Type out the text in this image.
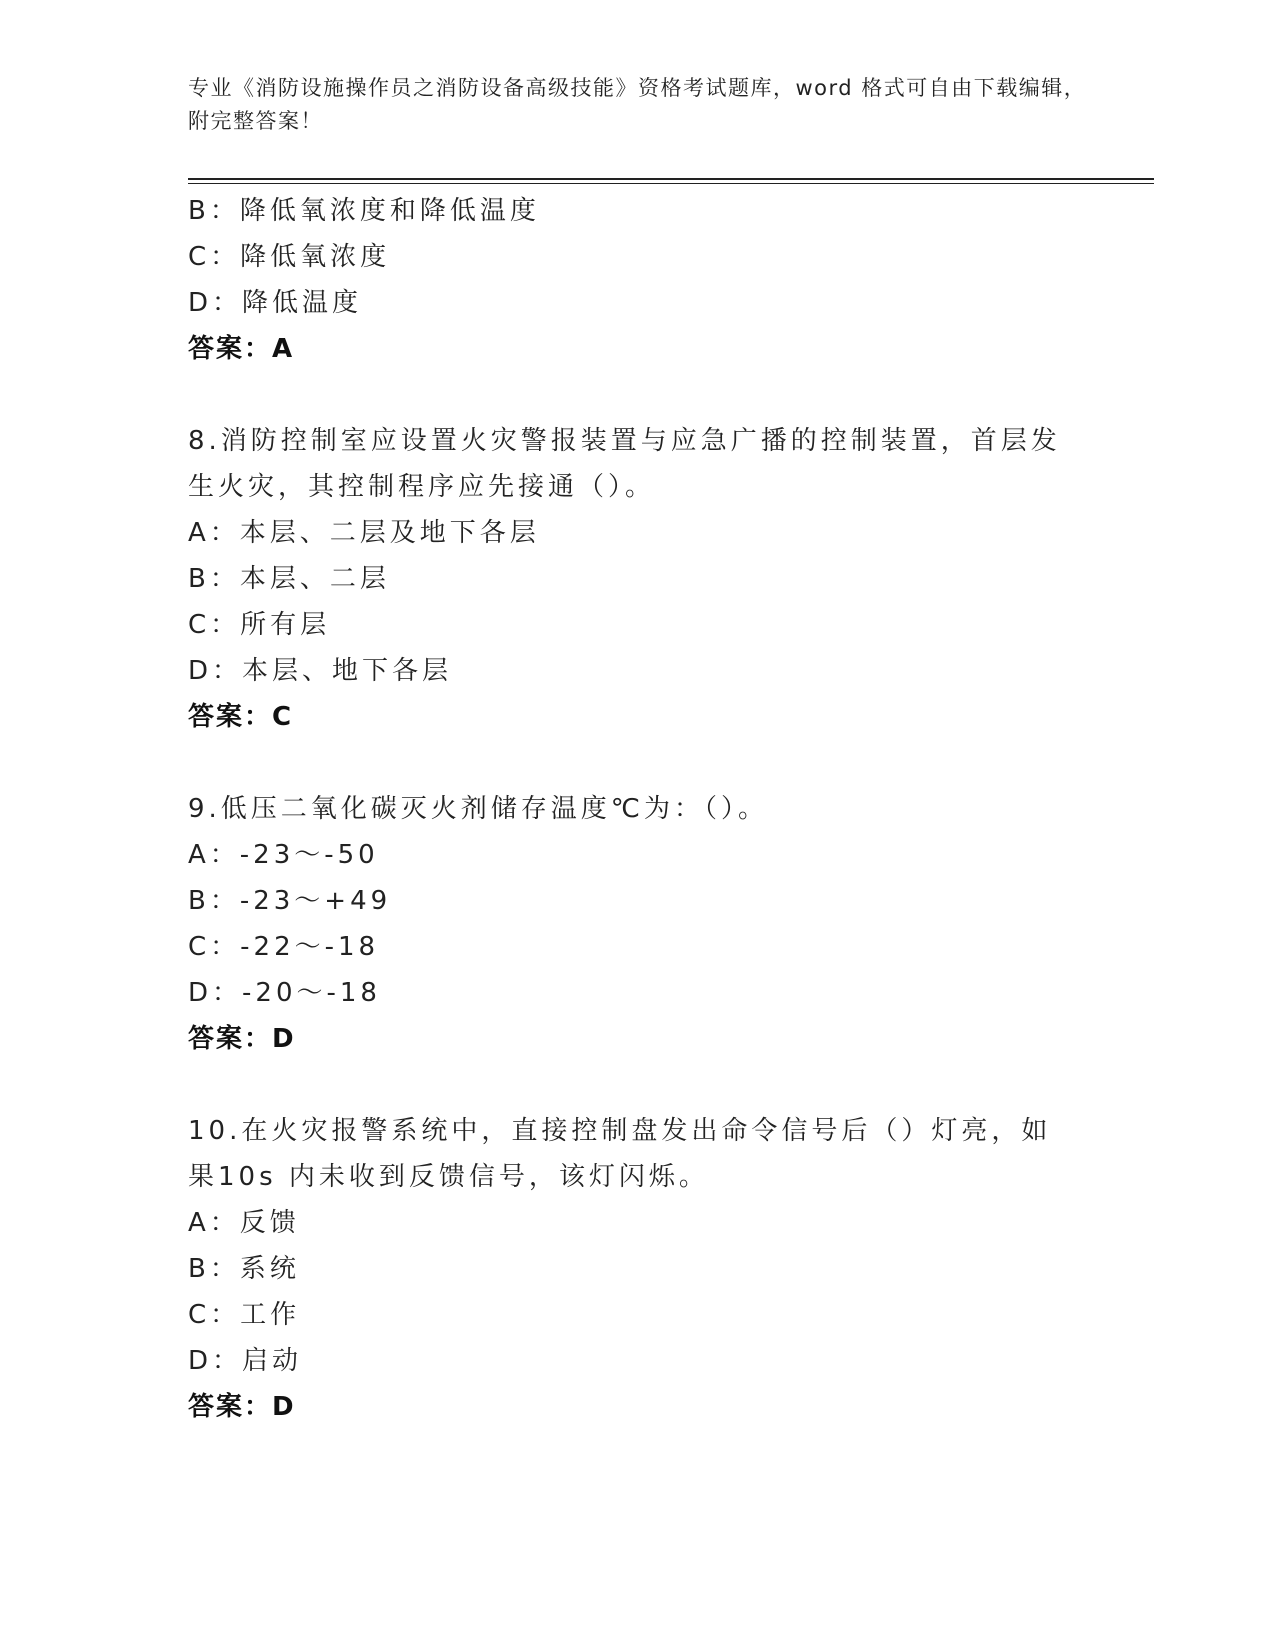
专业《消防设施操作员之消防设备高级技能》资格考试题库，word 格式可自由下载编辑，附完整答案！
B：降低氧浓度和降低温度
C：降低氧浓度
D：降低温度
答案：A
8.消防控制室应设置火灾警报装置与应急广播的控制装置，首层发生火灾，其控制程序应先接通（）。
A：本层、二层及地下各层
B：本层、二层
C：所有层
D：本层、地下各层
答案：C
9.低压二氧化碳灭火剂储存温度℃为：（）。
A：-23～-50
B：-23～+49
C：-22～-18
D：-20～-18
答案：D
10.在火灾报警系统中，直接控制盘发出命令信号后（）灯亮，如果10s 内未收到反馈信号，该灯闪烁。
A：反馈
B：系统
C：工作
D：启动
答案：D
